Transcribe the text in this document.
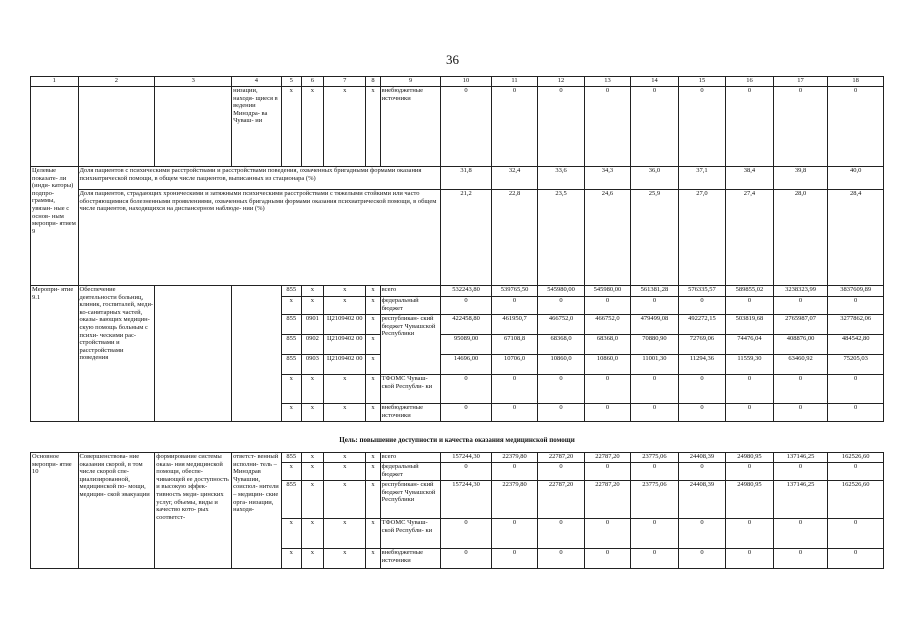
36
1	2	3	4	5	6	7	8	9	10	11	12	13	14	15	16	17	18
			низации, находя- щиеся в ведении Минздра- ва Чуваш- ии	х	х	х	х	внебюджетные источники	0	0	0	0	0	0	0	0	0
Целевые показате- ли (инди- каторы) подпро- граммы, увязан- ные с основ- ным меропри- ятием 9	Доля пациентов с психическими расстройствами и расстройствами поведения, охваченных бригадными формами оказания психиатрической помощи, в общем числе пациентов, выписанных из стационара (%)								31,8	32,4	33,6	34,3	36,0	37,1	38,4	39,8	40,0
	Доля пациентов, страдающих хроническими и затяжными психическими расстройствами с тяжелыми стойкими или часто обостряющимися болезненными проявлениями, охваченных бригадными формами оказания психиатрической помощи, в общем числе пациентов, находящихся на диспансерном наблюде- нии (%)								21,2	22,8	23,5	24,6	25,9	27,0	27,4	28,0	28,4
Меропри- ятие 9.1	Обеспечение деятельности больниц, клиник, госпиталей, меди- ко-санитарных частей, оказы- вающих медицин- скую помощь больным с психи- ческими рас- стройствами и расстройствами поведения			855	х	х	х	всего	532243,80	539765,50	545980,00	545980,00	561381,28	576335,57	589855,02	3238323,99	3837609,89
				х	х	х	х	федеральный бюджет	0	0	0	0	0	0	0	0	0
				855	0901	Ц2109402 00	х	республикан- ский бюджет Чувашской Республики	422458,80	461950,7	466752,0	466752,0	479499,08	492272,15	503819,68	2765987,07	3277862,06
				855	0902	Ц2109402 00	х		95089,00	67108,8	68368,0	68368,0	70880,90	72769,06	74476,04	408876,00	484542,80
				855	0903	Ц2109402 00	х		14696,00	10706,0	10860,0	10860,0	11001,30	11294,36	11559,30	63460,92	75205,03
				х	х	х	х	ТФОМС Чуваш- ской Республи- ки	0	0	0	0	0	0	0	0	0
				х	х	х	х	внебюджетные источники	0	0	0	0	0	0	0	0	0
Цель: повышение доступности и качества оказания медицинской помощи
Основное меропри- ятие 10	Совершенствова- ние оказания скорой, в том числе скорой спе- циализированной, медицинской по- мощи, медицин- ской эвакуации	формирование системы оказа- ния медицинской помощи, обеспе- чивающей ее доступность и высокую эффек- тивность меди- цинских услуг, объемы, виды и качество кото- рых соответст-	ответст- венный исполни- тель – Минздрав Чувашии, соиспол- нители – медицин- ские орга- низации, находя-	855	х	х	х	всего	157244,30	22379,80	22787,20	22787,20	23775,06	24408,39	24980,95	137146,25	162526,60
				х	х	х	х	федеральный бюджет	0	0	0	0	0	0	0	0	0
				855	х	х	х	республикан- ский бюджет Чувашской Республики	157244,30	22379,80	22787,20	22787,20	23775,06	24408,39	24980,95	137146,25	162526,60
				х	х	х	х	ТФОМС Чуваш- ской Республи- ки	0	0	0	0	0	0	0	0	0
				х	х	х	х	внебюджетные источники	0	0	0	0	0	0	0	0	0
